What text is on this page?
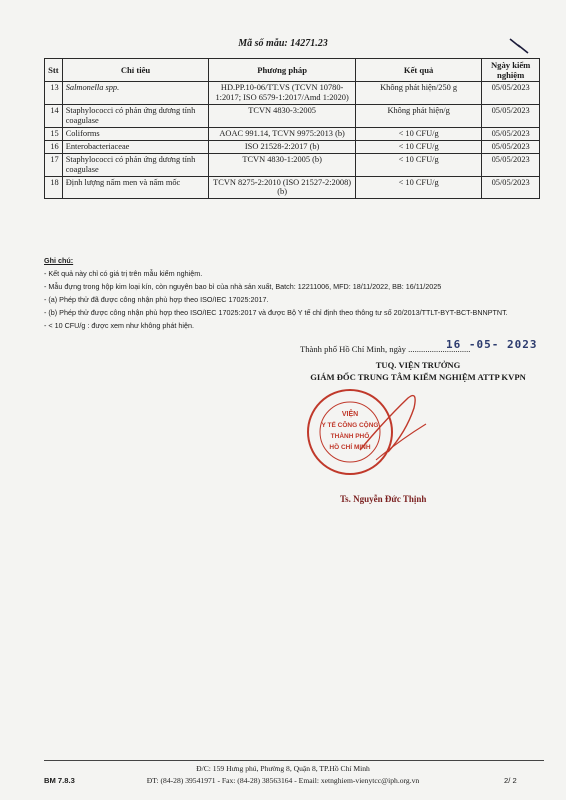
Mã số mẫu: 14271.23
Stt	Chỉ tiêu	Phương pháp	Kết quả	Ngày kiểm nghiệm
13	Salmonella spp.	HD.PP.10-06/TT.VS (TCVN 10780-1:2017; ISO 6579-1:2017/Amd 1:2020)	Không phát hiện/250 g	05/05/2023
14	Staphylococci có phản ứng dương tính coagulase	TCVN 4830-3:2005	Không phát hiện/g	05/05/2023
15	Coliforms	AOAC 991.14, TCVN 9975:2013 (b)	< 10 CFU/g	05/05/2023
16	Enterobacteriaceae	ISO 21528-2:2017 (b)	< 10 CFU/g	05/05/2023
17	Staphylococci có phản ứng dương tính coagulase	TCVN 4830-1:2005 (b)	< 10 CFU/g	05/05/2023
18	Định lượng nấm men và nấm mốc	TCVN 8275-2:2010 (ISO 21527-2:2008) (b)	< 10 CFU/g	05/05/2023

Ghi chú:

- Kết quả này chỉ có giá trị trên mẫu kiểm nghiệm.

- Mẫu đựng trong hộp kim loại kín, còn nguyên bao bì của nhà sản xuất, Batch: 12211006, MFD: 18/11/2022, BB: 16/11/2025

- (a) Phép thử đã được công nhận phù hợp theo ISO/IEC 17025:2017.

- (b) Phép thử được công nhận phù hợp theo ISO/IEC 17025:2017 và được Bộ Y tế chỉ định theo thông tư số 20/2013/TTLT-BYT-BCT-BNNPTNT.

- < 10 CFU/g : được xem như không phát hiện.

Thành phố Hồ Chí Minh, ngày .............................
16 -05- 2023
TUQ. VIỆN TRƯỞNG
GIÁM ĐỐC TRUNG TÂM KIỂM NGHIỆM ATTP KVPN
VIỆN
Y TẾ CÔNG CỘNG
THÀNH PHỐ
HỒ CHÍ MINH
Ts. Nguyễn Đức Thịnh
Đ/C: 159 Hưng phú, Phường 8, Quận 8, TP.Hồ Chí Minh
BM 7.8.3	ĐT: (84-28) 39541971 - Fax: (84-28) 38563164 - Email: xetnghiem-vienytcc@iph.org.vn	2/ 2
